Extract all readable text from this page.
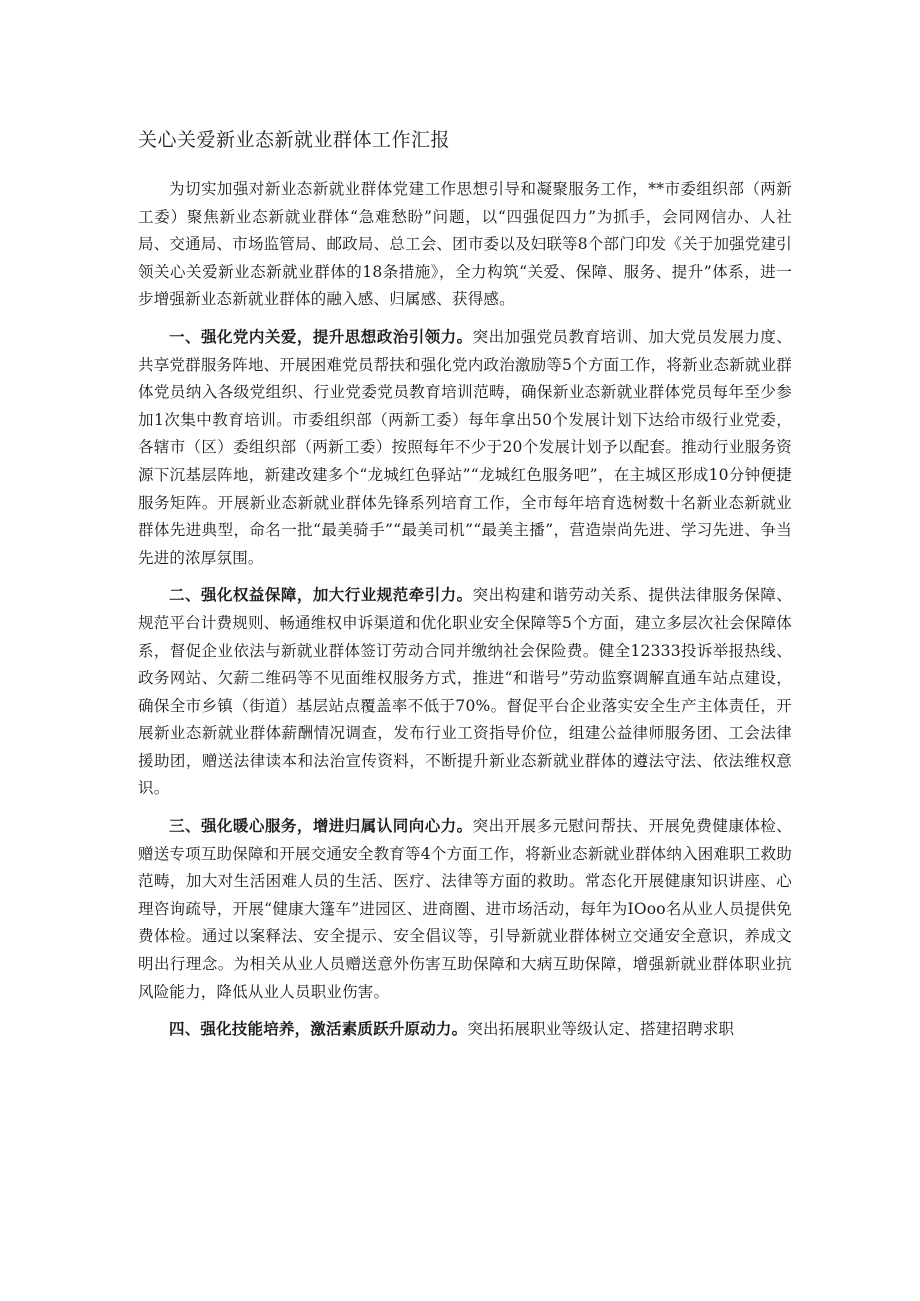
关心关爱新业态新就业群体工作汇报

为切实加强对新业态新就业群体党建工作思想引导和凝聚服务工作，**市委组织部（两新工委）聚焦新业态新就业群体“急难愁盼”问题，以“四强促四力”为抓手，会同网信办、人社局、交通局、市场监管局、邮政局、总工会、团市委以及妇联等8个部门印发《关于加强党建引领关心关爱新业态新就业群体的18条措施》，全力构筑“关爱、保障、服务、提升”体系，进一步增强新业态新就业群体的融入感、归属感、获得感。

一、强化党内关爱，提升思想政治引领力。突出加强党员教育培训、加大党员发展力度、共享党群服务阵地、开展困难党员帮扶和强化党内政治激励等5个方面工作，将新业态新就业群体党员纳入各级党组织、行业党委党员教育培训范畴，确保新业态新就业群体党员每年至少参加1次集中教育培训。市委组织部（两新工委）每年拿出50个发展计划下达给市级行业党委，各辖市（区）委组织部（两新工委）按照每年不少于20个发展计划予以配套。推动行业服务资源下沉基层阵地，新建改建多个“龙城红色驿站”“龙城红色服务吧”，在主城区形成10分钟便捷服务矩阵。开展新业态新就业群体先锋系列培育工作，全市每年培育选树数十名新业态新就业群体先进典型，命名一批“最美骑手”“最美司机”“最美主播”，营造崇尚先进、学习先进、争当先进的浓厚氛围。

二、强化权益保障，加大行业规范牵引力。突出构建和谐劳动关系、提供法律服务保障、规范平台计费规则、畅通维权申诉渠道和优化职业安全保障等5个方面，建立多层次社会保障体系，督促企业依法与新就业群体签订劳动合同并缴纳社会保险费。健全12333投诉举报热线、政务网站、欠薪二维码等不见面维权服务方式，推进“和谐号”劳动监察调解直通车站点建设，确保全市乡镇（街道）基层站点覆盖率不低于70%。督促平台企业落实安全生产主体责任，开展新业态新就业群体薪酬情况调查，发布行业工资指导价位，组建公益律师服务团、工会法律援助团，赠送法律读本和法治宣传资料，不断提升新业态新就业群体的遵法守法、依法维权意识。

三、强化暖心服务，增进归属认同向心力。突出开展多元慰问帮扶、开展免费健康体检、赠送专项互助保障和开展交通安全教育等4个方面工作，将新业态新就业群体纳入困难职工救助范畴，加大对生活困难人员的生活、医疗、法律等方面的救助。常态化开展健康知识讲座、心理咨询疏导，开展“健康大篷车”进园区、进商圈、进市场活动，每年为IOoo名从业人员提供免费体检。通过以案释法、安全提示、安全倡议等，引导新就业群体树立交通安全意识，养成文明出行理念。为相关从业人员赠送意外伤害互助保障和大病互助保障，增强新就业群体职业抗风险能力，降低从业人员职业伤害。

四、强化技能培养，激活素质跃升原动力。突出拓展职业等级认定、搭建招聘求职
